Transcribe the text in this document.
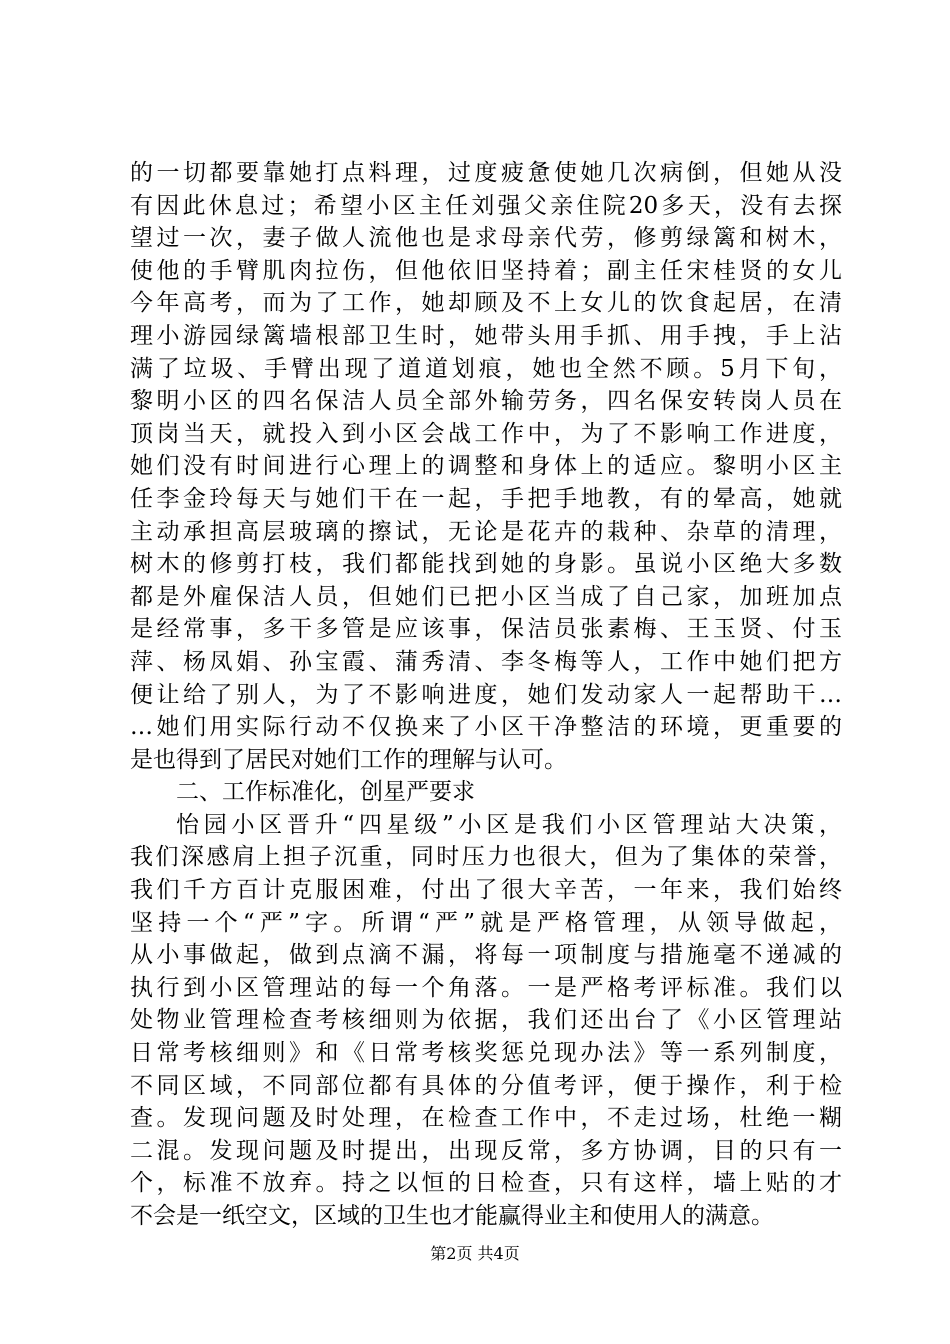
的一切都要靠她打点料理，过度疲惫使她几次病倒，但她从没
有因此休息过；希望小区主任刘强父亲住院20多天，没有去探
望过一次，妻子做人流他也是求母亲代劳，修剪绿篱和树木，
使他的手臂肌肉拉伤，但他依旧坚持着；副主任宋桂贤的女儿
今年高考，而为了工作，她却顾及不上女儿的饮食起居，在清
理小游园绿篱墙根部卫生时，她带头用手抓、用手拽，手上沾
满了垃圾、手臂出现了道道划痕，她也全然不顾。5月下旬，
黎明小区的四名保洁人员全部外输劳务，四名保安转岗人员在
顶岗当天，就投入到小区会战工作中，为了不影响工作进度，
她们没有时间进行心理上的调整和身体上的适应。黎明小区主
任李金玲每天与她们干在一起，手把手地教，有的晕高，她就
主动承担高层玻璃的擦试，无论是花卉的栽种、杂草的清理，
树木的修剪打枝，我们都能找到她的身影。虽说小区绝大多数
都是外雇保洁人员，但她们已把小区当成了自己家，加班加点
是经常事，多干多管是应该事，保洁员张素梅、王玉贤、付玉
萍、杨凤娟、孙宝霞、蒲秀清、李冬梅等人，工作中她们把方
便让给了别人，为了不影响进度，她们发动家人一起帮助干…
…她们用实际行动不仅换来了小区干净整洁的环境，更重要的
是也得到了居民对她们工作的理解与认可。
二、工作标准化，创星严要求
怡园小区晋升“四星级”小区是我们小区管理站大决策，
我们深感肩上担子沉重，同时压力也很大，但为了集体的荣誉，
我们千方百计克服困难，付出了很大辛苦，一年来，我们始终
坚持一个“严”字。所谓“严”就是严格管理，从领导做起，
从小事做起，做到点滴不漏，将每一项制度与措施毫不递减的
执行到小区管理站的每一个角落。一是严格考评标准。我们以
处物业管理检查考核细则为依据，我们还出台了《小区管理站
日常考核细则》和《日常考核奖惩兑现办法》等一系列制度，
不同区域，不同部位都有具体的分值考评，便于操作，利于检
查。发现问题及时处理，在检查工作中，不走过场，杜绝一糊
二混。发现问题及时提出，出现反常，多方协调，目的只有一
个，标准不放弃。持之以恒的日检查，只有这样，墙上贴的才
不会是一纸空文，区域的卫生也才能赢得业主和使用人的满意。
第2页 共4页
